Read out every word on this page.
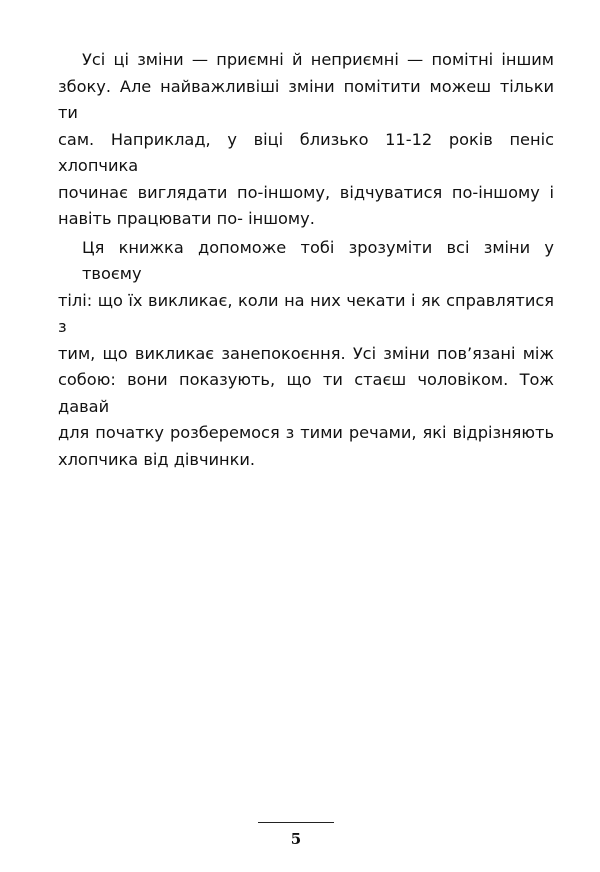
Усі ці зміни — приємні й неприємні — помітні іншим
збоку. Але найважливіші зміни помітити можеш тільки ти
сам. Наприклад, у віці близько 11-12 років пеніс хлопчика
починає виглядати по-іншому, відчуватися по-іншому і
навіть працювати по- іншому.

Ця книжка допоможе тобі зрозуміти всі зміни у твоєму
тілі: що їх викликає, коли на них чекати і як справлятися з
тим, що викликає занепокоєння. Усі зміни пов’язані між
собою: вони показують, що ти стаєш чоловіком. Тож давай
для початку розберемося з тими речами, які відрізняють
хлопчика від дівчинки.

5
